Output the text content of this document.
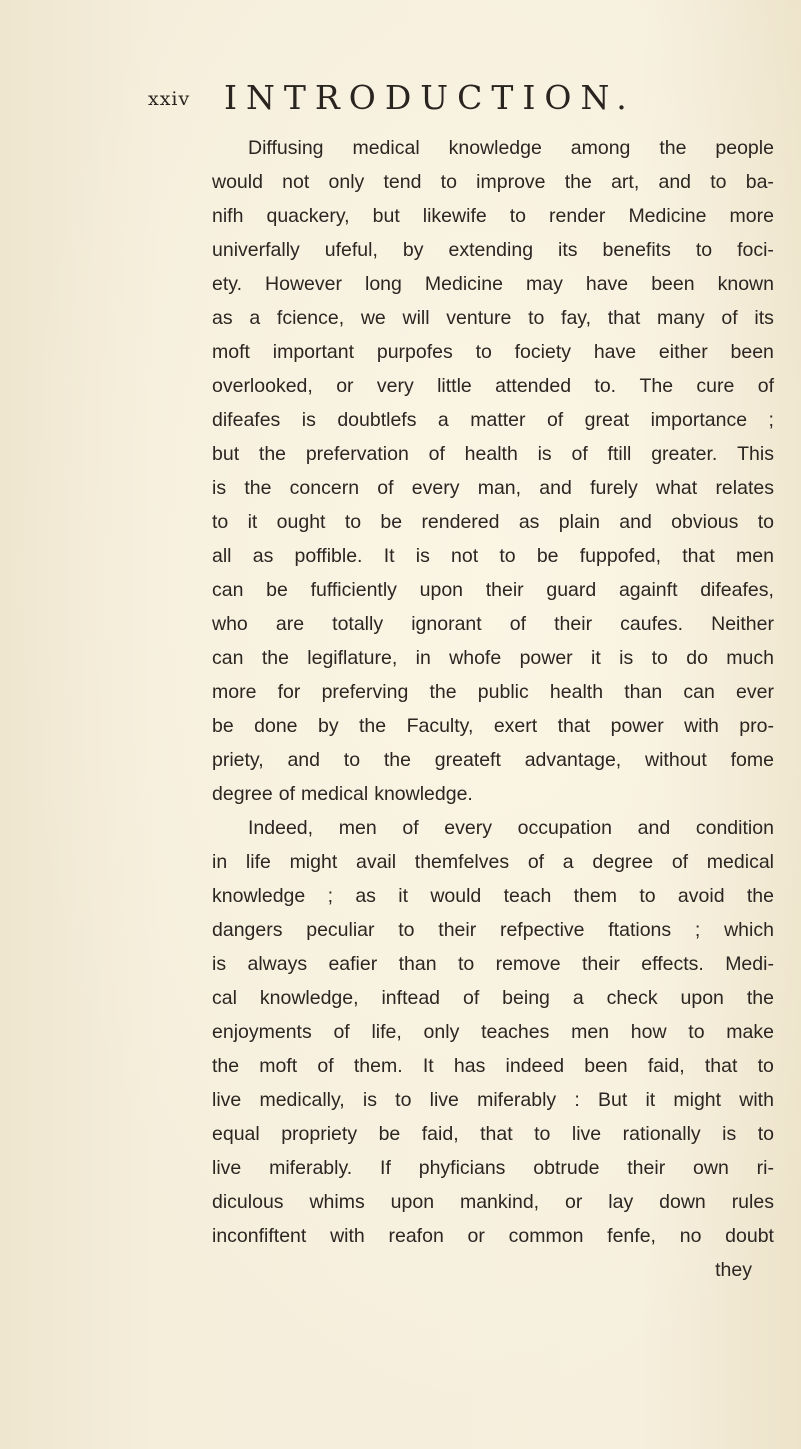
xxiv INTRODUCTION.
Diffusing medical knowledge among the people
would not only tend to improve the art, and to ba-
nifh quackery, but likewife to render Medicine more
univerfally ufeful, by extending its benefits to foci-
ety. However long Medicine may have been known
as a fcience, we will venture to fay, that many of its
moft important purpofes to fociety have either been
overlooked, or very little attended to. The cure of
difeafes is doubtlefs a matter of great importance ;
but the prefervation of health is of ftill greater. This
is the concern of every man, and furely what relates
to it ought to be rendered as plain and obvious to
all as poffible. It is not to be fuppofed, that men
can be fufficiently upon their guard againft difeafes,
who are totally ignorant of their caufes. Neither
can the legiflature, in whofe power it is to do much
more for preferving the public health than can ever
be done by the Faculty, exert that power with pro-
priety, and to the greateft advantage, without fome
degree of medical knowledge.
Indeed, men of every occupation and condition
in life might avail themfelves of a degree of medical
knowledge ; as it would teach them to avoid the
dangers peculiar to their refpective ftations ; which
is always eafier than to remove their effects. Medi-
cal knowledge, inftead of being a check upon the
enjoyments of life, only teaches men how to make
the moft of them. It has indeed been faid, that to
live medically, is to live miferably : But it might with
equal propriety be faid, that to live rationally is to
live miferably. If phyficians obtrude their own ri-
diculous whims upon mankind, or lay down rules
inconfiftent with reafon or common fenfe, no doubt
they
